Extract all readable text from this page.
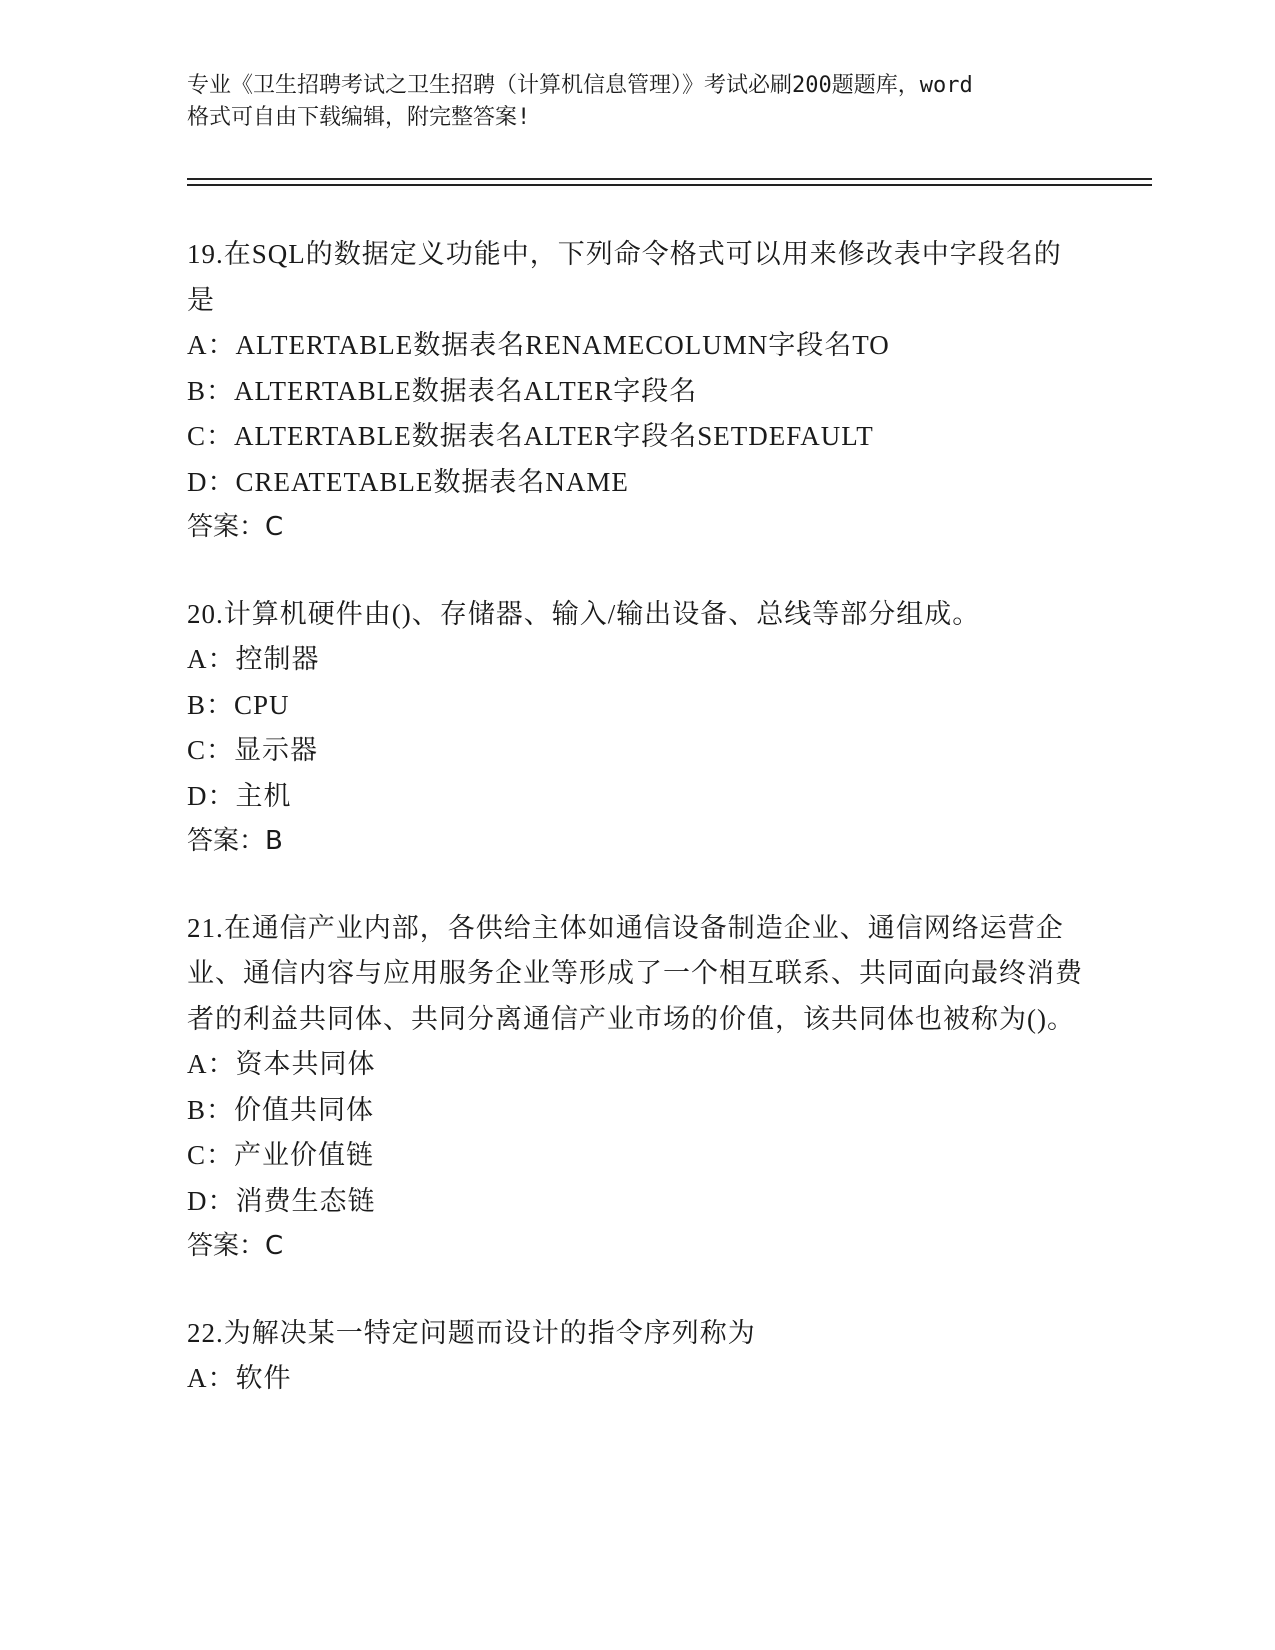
专业《卫生招聘考试之卫生招聘（计算机信息管理）》考试必刷200题题库，word

格式可自由下载编辑，附完整答案!

19.在SQL的数据定义功能中，下列命令格式可以用来修改表中字段名的是

A：ALTERTABLE数据表名RENAMECOLUMN字段名TO

B：ALTERTABLE数据表名ALTER字段名

C：ALTERTABLE数据表名ALTER字段名SETDEFAULT

D：CREATETABLE数据表名NAME

答案：C

20.计算机硬件由()、存储器、输入/输出设备、总线等部分组成。

A：控制器

B：CPU

C：显示器

D：主机

答案：B

21.在通信产业内部，各供给主体如通信设备制造企业、通信网络运营企业、通信内容与应用服务企业等形成了一个相互联系、共同面向最终消费者的利益共同体、共同分离通信产业市场的价值，该共同体也被称为()。

A：资本共同体

B：价值共同体

C：产业价值链

D：消费生态链

答案：C

22.为解决某一特定问题而设计的指令序列称为

A：软件
